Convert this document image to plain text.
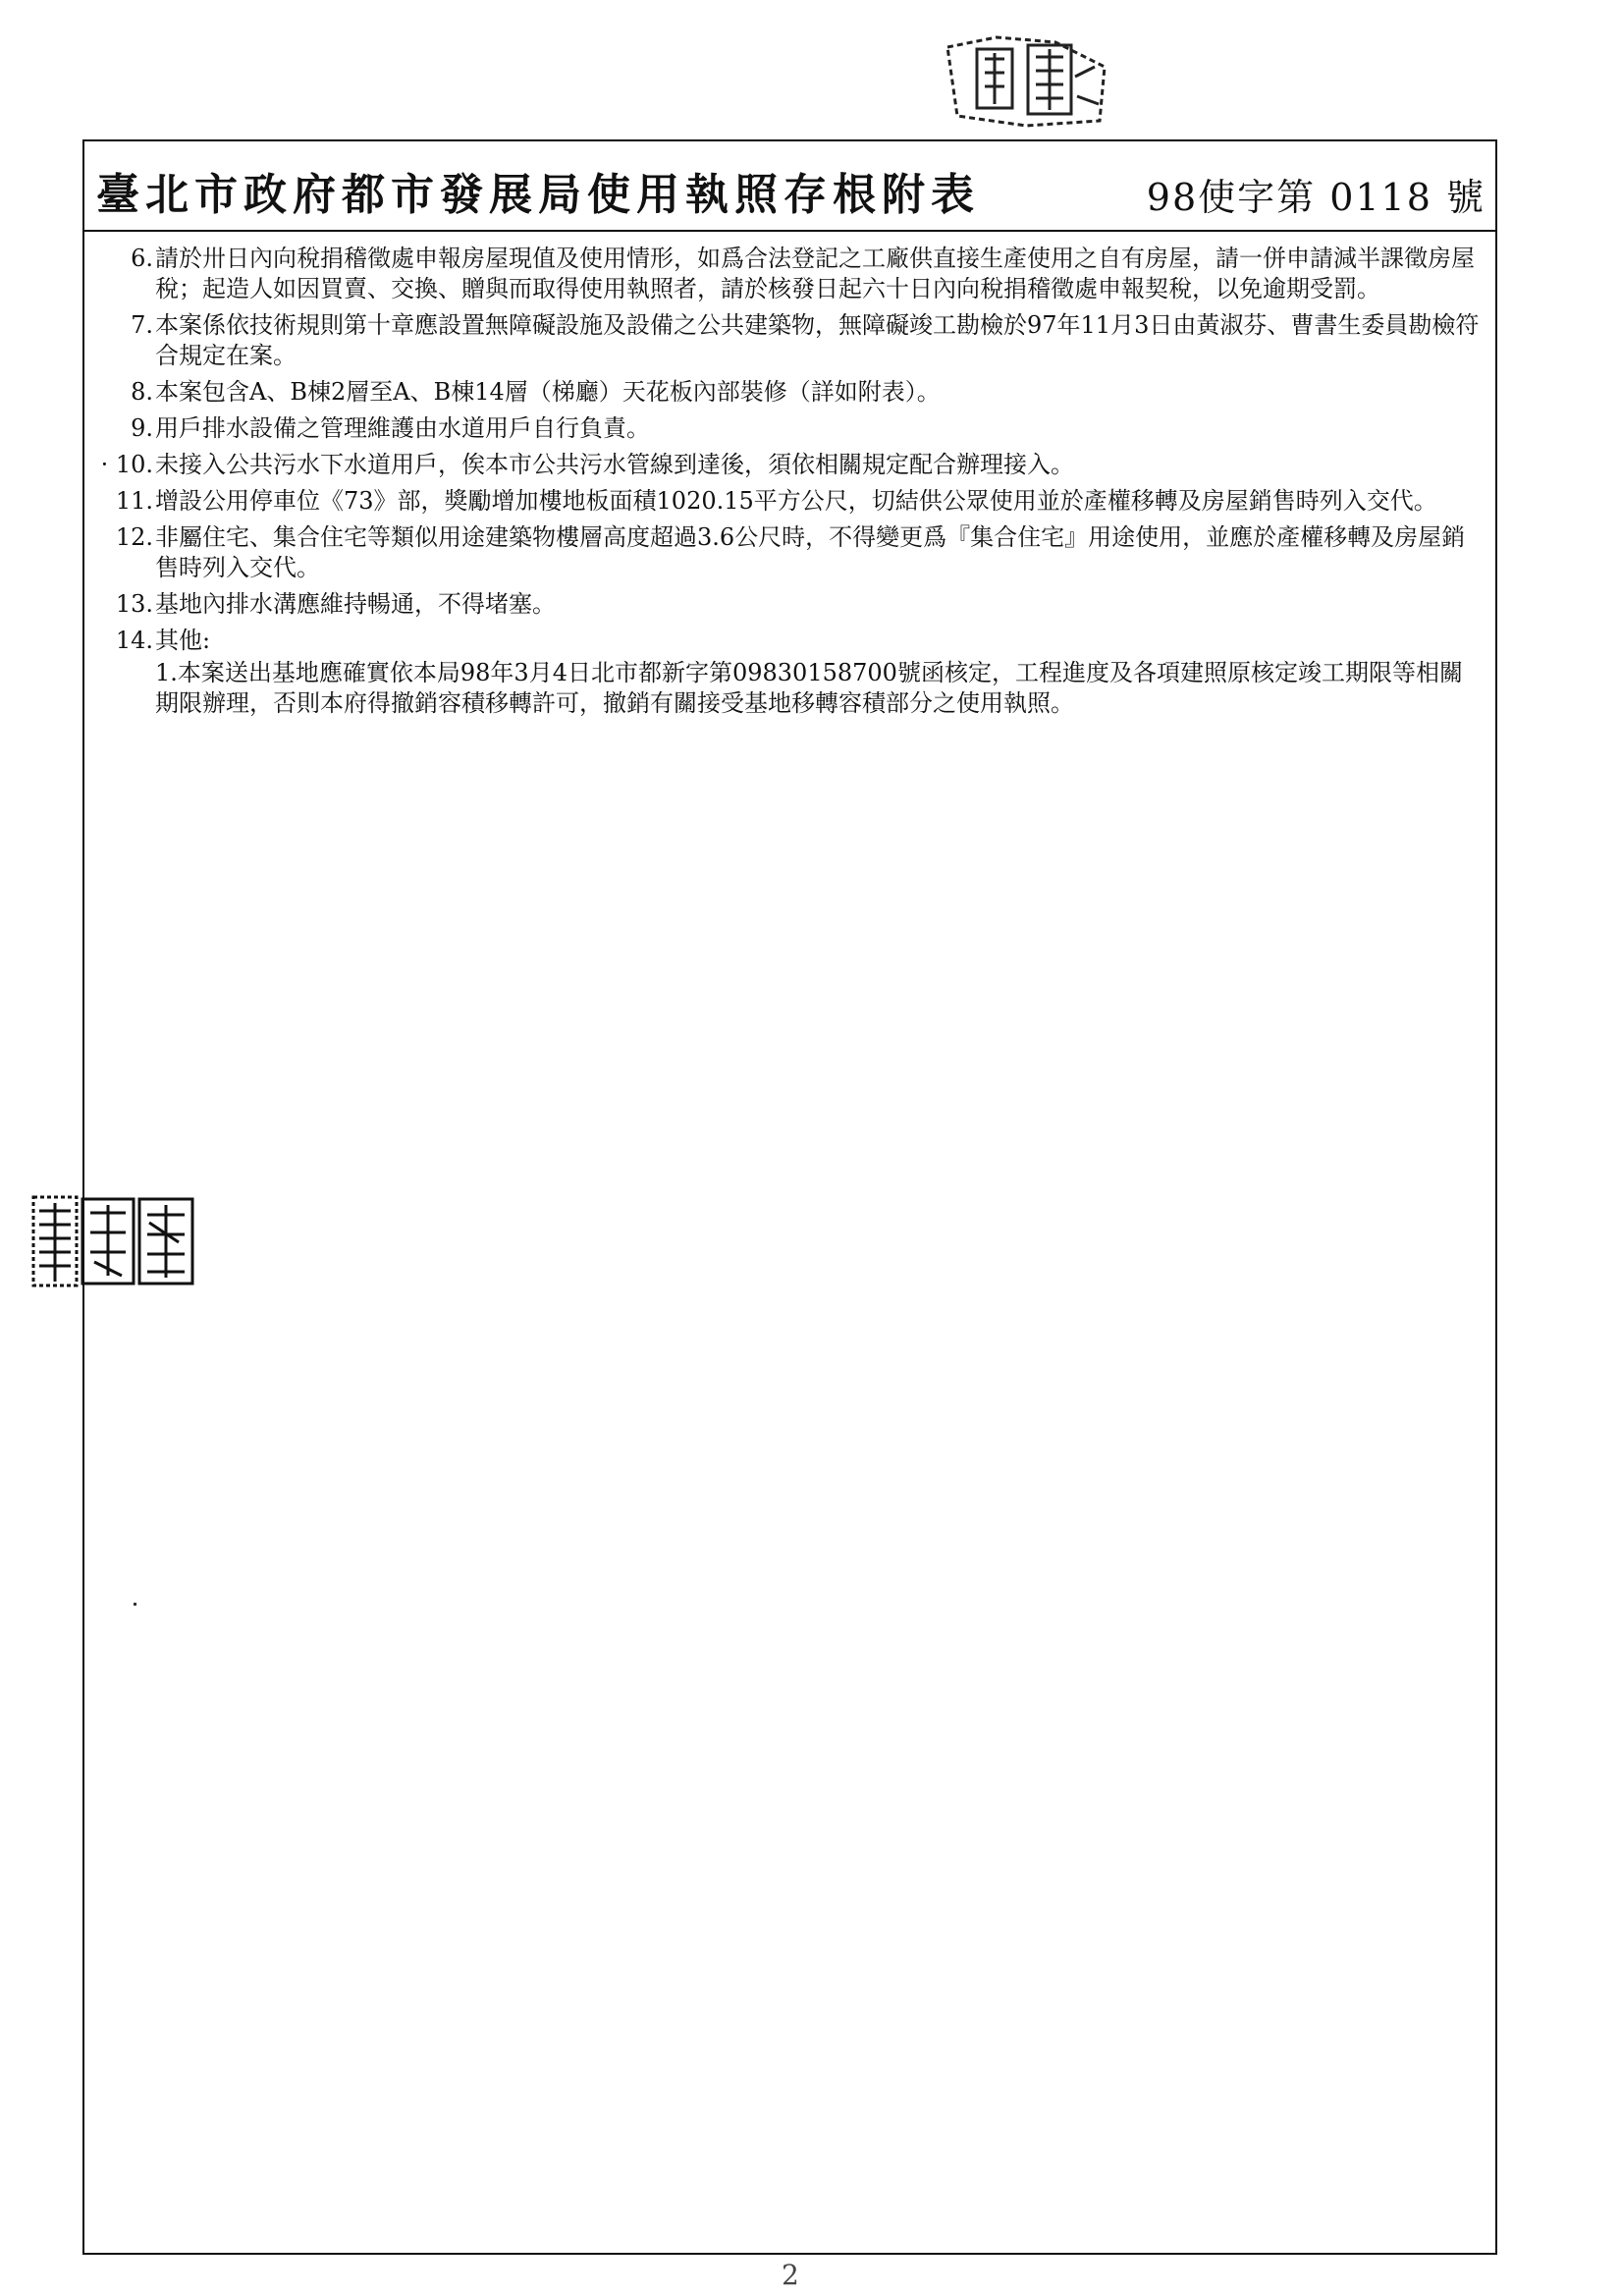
臺北市政府都市發展局使用執照存根附表	98使字第 0118 號
6. 請於卅日內向稅捐稽徵處申報房屋現值及使用情形，如爲合法登記之工廠供直接生產使用之自有房屋，請一併申請減半課徵房屋稅；起造人如因買賣、交換、贈與而取得使用執照者，請於核發日起六十日內向稅捐稽徵處申報契稅，以免逾期受罰。
7. 本案係依技術規則第十章應設置無障礙設施及設備之公共建築物，無障礙竣工勘檢於97年11月3日由黃淑芬、曹書生委員勘檢符合規定在案。
8. 本案包含A、B棟2層至A、B棟14層（梯廳）天花板內部裝修（詳如附表）。
9. 用戶排水設備之管理維護由水道用戶自行負責。
· 10. 未接入公共污水下水道用戶，俟本市公共污水管線到達後，須依相關規定配合辦理接入。
11. 增設公用停車位《73》部，獎勵增加樓地板面積1020.15平方公尺，切結供公眾使用並於產權移轉及房屋銷售時列入交代。
12. 非屬住宅、集合住宅等類似用途建築物樓層高度超過3.6公尺時，不得變更爲『集合住宅』用途使用，並應於產權移轉及房屋銷售時列入交代。
13. 基地內排水溝應維持暢通，不得堵塞。
14. 其他:
1.本案送出基地應確實依本局98年3月4日北市都新字第09830158700號函核定，工程進度及各項建照原核定竣工期限等相關期限辦理，否則本府得撤銷容積移轉許可，撤銷有關接受基地移轉容積部分之使用執照。
2
